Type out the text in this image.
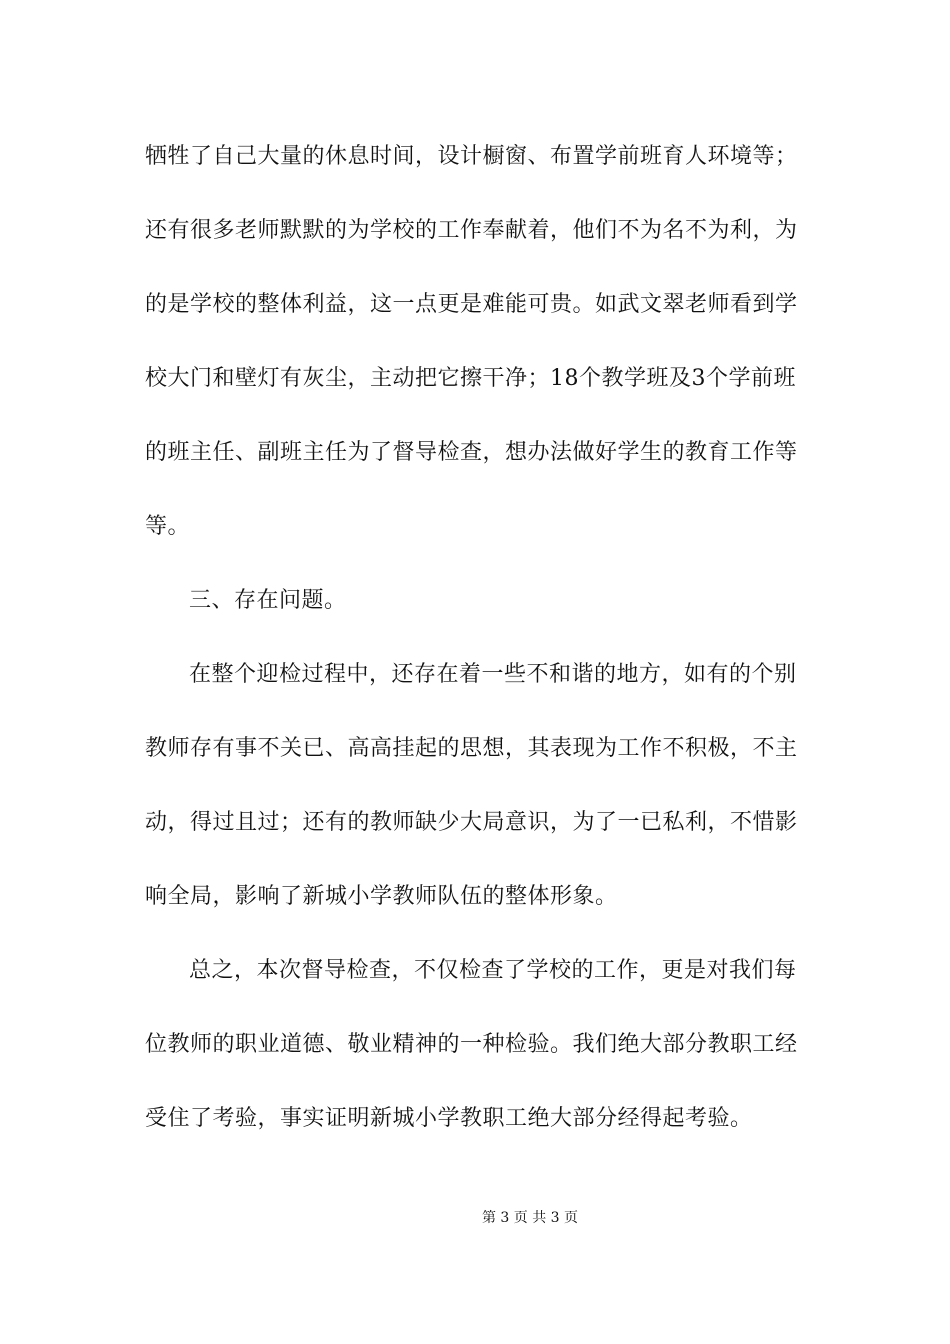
牺牲了自己大量的休息时间，设计橱窗、布置学前班育人环境等；
还有很多老师默默的为学校的工作奉献着，他们不为名不为利，为
的是学校的整体利益，这一点更是难能可贵。如武文翠老师看到学
校大门和壁灯有灰尘，主动把它擦干净；18个教学班及3个学前班
的班主任、副班主任为了督导检查，想办法做好学生的教育工作等
等。
三、存在问题。
在整个迎检过程中，还存在着一些不和谐的地方，如有的个别
教师存有事不关已、高高挂起的思想，其表现为工作不积极，不主
动，得过且过；还有的教师缺少大局意识，为了一已私利，不惜影
响全局，影响了新城小学教师队伍的整体形象。
总之，本次督导检查，不仅检查了学校的工作，更是对我们每
位教师的职业道德、敬业精神的一种检验。我们绝大部分教职工经
受住了考验，事实证明新城小学教职工绝大部分经得起考验。
第 3 页 共 3 页
